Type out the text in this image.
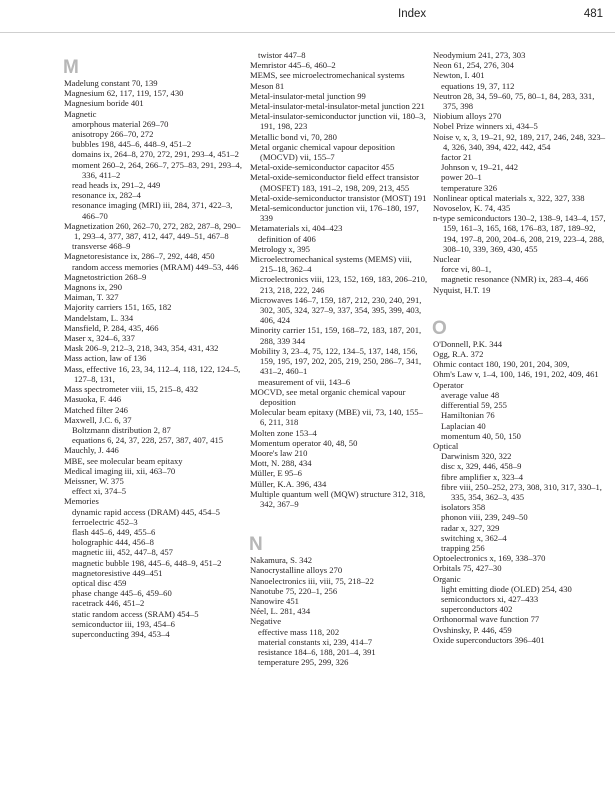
Index	481
M

Madelung constant 70, 139

Magnesium 62, 117, 119, 157, 430

Magnesium boride 401

Magnetic

amorphous material 269–70

anisotropy 266–70, 272

bubbles 198, 445–6, 448–9, 451–2

domains ix, 264–8, 270, 272, 291, 293–4, 451–2

moment 260–2, 264, 266–7, 275–83, 291, 293–4, 336, 411–2

read heads ix, 291–2, 449

resonance ix, 282–4

resonance imaging (MRI) iii, 284, 371, 422–3, 466–70

Magnetization 260, 262–70, 272, 282, 287–8, 290–1, 293–4, 377, 387, 412, 447, 449–51, 467–8

transverse 468–9

Magnetoresistance ix, 286–7, 292, 448, 450

random access memories (MRAM) 449–53, 446

Magnetostriction 268–9

Magnons ix, 290

Maiman, T. 327

Majority carriers 151, 165, 182

Mandelstam, L. 334

Mansfield, P. 284, 435, 466

Maser x, 324–6, 337

Mask 206–9, 212–3, 218, 343, 354, 431, 432

Mass action, law of 136

Mass, effective 16, 23, 34, 112–4, 118, 122, 124–5, 127–8, 131,

Mass spectrometer viii, 15, 215–8, 432

Masuoka, F. 446

Matched filter 246

Maxwell, J.C. 6, 37

Boltzmann distribution 2, 87

equations 6, 24, 37, 228, 257, 387, 407, 415

Mauchly, J. 446

MBE, see molecular beam epitaxy

Medical imaging iii, xii, 463–70

Meissner, W. 375

effect xi, 374–5

Memories

dynamic rapid access (DRAM) 445, 454–5

ferroelectric 452–3

flash 445–6, 449, 455–6

holographic 444, 456–8

magnetic iii, 452, 447–8, 457

magnetic bubble 198, 445–6, 448–9, 451–2

magnetoresistive 449–451

optical disc 459

phase change 445–6, 459–60

racetrack 446, 451–2

static random access (SRAM) 454–5

semiconductor iii, 193, 454–6

superconducting 394, 453–4

twistor 447–8

Memristor 445–6, 460–2

MEMS, see microelectromechanical systems

Meson 81

Metal-insulator-metal junction 99

Metal-insulator-metal-insulator-metal junction 221

Metal-insulator-semiconductor junction vii, 180–3, 191, 198, 223

Metallic bond vi, 70, 280

Metal organic chemical vapour deposition (MOCVD) vii, 155–7

Metal-oxide-semiconductor capacitor 455

Metal-oxide-semiconductor field effect transistor (MOSFET) 183, 191–2, 198, 209, 213, 455

Metal-oxide-semiconductor transistor (MOST) 191

Metal-semiconductor junction vii, 176–180, 197, 339

Metamaterials xi, 404–423

definition of 406

Metrology x, 395

Microelectromechanical systems (MEMS) viii, 215–18, 362–4

Microelectronics viii, 123, 152, 169, 183, 206–210, 213, 218, 222, 246

Microwaves 146–7, 159, 187, 212, 230, 240, 291, 302, 305, 324, 327–9, 337, 354, 395, 399, 403, 406, 424

Minority carrier 151, 159, 168–72, 183, 187, 201, 288, 339 344

Mobility 3, 23–4, 75, 122, 134–5, 137, 148, 156, 159, 195, 197, 202, 205, 219, 250, 286–7, 341, 431–2, 460–1

measurement of vii, 143–6

MOCVD, see metal organic chemical vapour deposition

Molecular beam epitaxy (MBE) vii, 73, 140, 155–6, 211, 318

Molten zone 153–4

Momentum operator 40, 48, 50

Moore's law 210

Mott, N. 288, 434

Müller, E 95–6

Müller, K.A. 396, 434

Multiple quantum well (MQW) structure 312, 318, 342, 367–9

N

Nakamura, S. 342

Nanocrystalline alloys 270

Nanoelectronics iii, viii, 75, 218–22

Nanotube 75, 220–1, 256

Nanowire 451

Néel, L. 281, 434

Negative

effective mass 118, 202

material constants xi, 239, 414–7

resistance 184–6, 188, 201–4, 391

temperature 295, 299, 326

Neodymium 241, 273, 303

Neon 61, 254, 276, 304

Newton, I. 401

equations 19, 37, 112

Neutron 28, 34, 59–60, 75, 80–1, 84, 283, 331, 375, 398

Niobium alloys 270

Nobel Prize winners xi, 434–5

Noise v, x, 3, 19–21, 92, 189, 217, 246, 248, 323–4, 326, 340, 394, 422, 442, 454

factor 21

Johnson v, 19–21, 442

power 20–1

temperature 326

Nonlinear optical materials x, 322, 327, 338

Novoselov, K. 74, 435

n-type semiconductors 130–2, 138–9, 143–4, 157, 159, 161–3, 165, 168, 176–83, 187, 189–92, 194, 197–8, 200, 204–6, 208, 219, 223–4, 288, 308–10, 339, 369, 430, 455

Nuclear

force vi, 80–1,

magnetic resonance (NMR) ix, 283–4, 466

Nyquist, H.T. 19

O

O'Donnell, P.K. 344

Ogg, R.A. 372

Ohmic contact 180, 190, 201, 204, 309,

Ohm's Law v, 1–4, 100, 146, 191, 202, 409, 461

Operator

average value 48

differential 59, 255

Hamiltonian 76

Laplacian 40

momentum 40, 50, 150

Optical

Darwinism 320, 322

disc x, 329, 446, 458–9

fibre amplifier x, 323–4

fibre viii, 250–252, 273, 308, 310, 317, 330–1, 335, 354, 362–3, 435

isolators 358

phonon viii, 239, 249–50

radar x, 327, 329

switching x, 362–4

trapping 256

Optoelectronics x, 169, 338–370

Orbitals 75, 427–30

Organic

light emitting diode (OLED) 254, 430

semiconductors xi, 427–433

superconductors 402

Orthonormal wave function 77

Ovshinsky, P. 446, 459

Oxide superconductors 396–401
